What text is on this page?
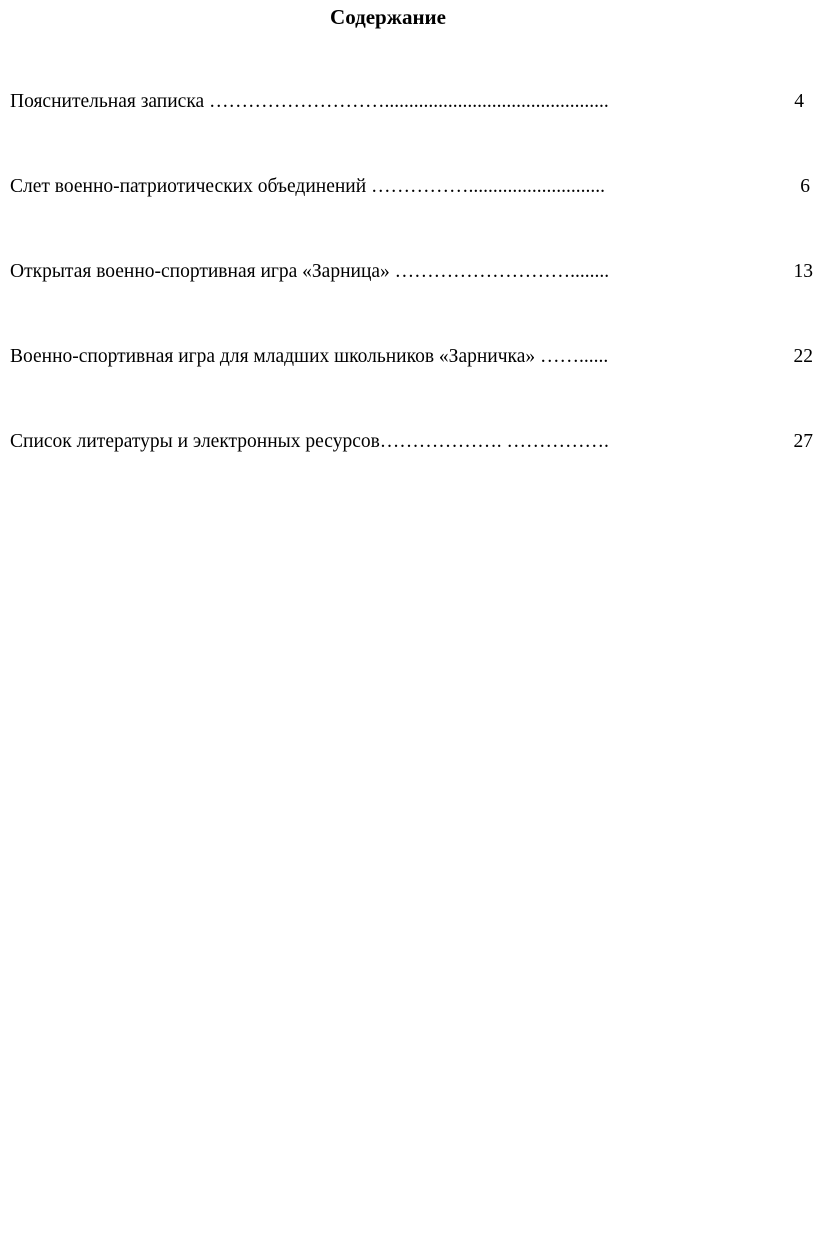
Содержание
Пояснительная записка ………………………..............................................	4
Слет военно-патриотических объединений ……………............................	6
Открытая военно-спортивная игра «Зарница» ………………………........	13
Военно-спортивная игра для младших школьников «Зарничка» ……......	22
Список литературы и электронных ресурсов………………. …………….	27
